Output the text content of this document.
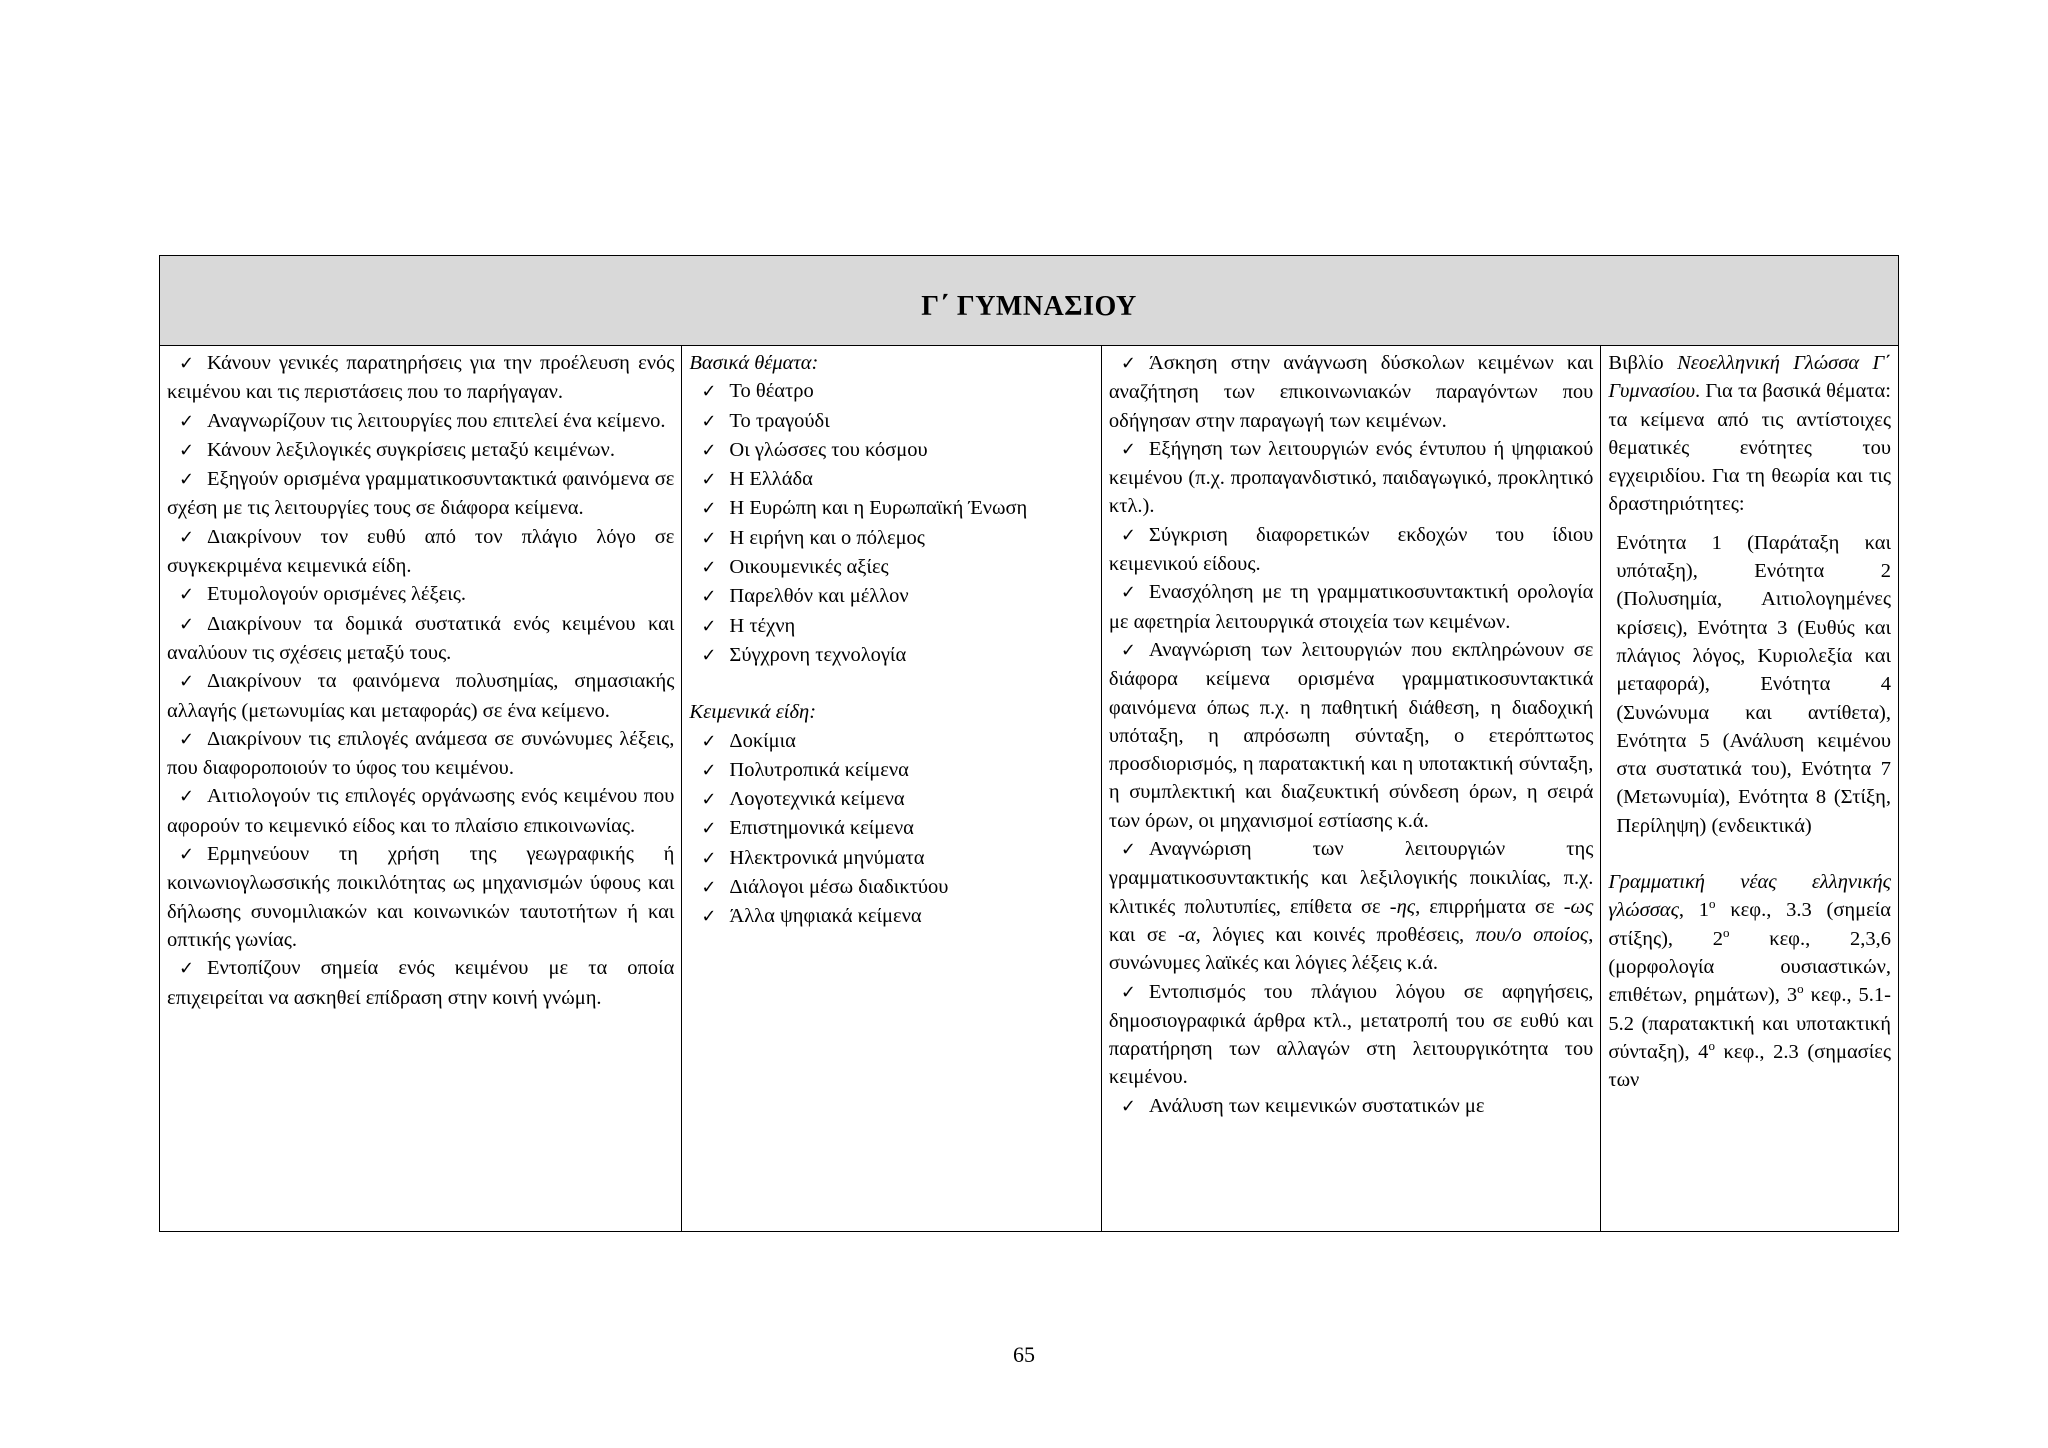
Γ΄ ΓΥΜΝΑΣΙΟΥ
✓ Κάνουν γενικές παρατηρήσεις για την προέλευση ενός κειμένου και τις περιστάσεις που το παρήγαγαν.
✓ Αναγνωρίζουν τις λειτουργίες που επιτελεί ένα κείμενο.
✓ Κάνουν λεξιλογικές συγκρίσεις μεταξύ κειμένων.
✓ Εξηγούν ορισμένα γραμματικοσυντακτικά φαινόμενα σε σχέση με τις λειτουργίες τους σε διάφορα κείμενα.
✓ Διακρίνουν τον ευθύ από τον πλάγιο λόγο σε συγκεκριμένα κειμενικά είδη.
✓ Ετυμολογούν ορισμένες λέξεις.
✓ Διακρίνουν τα δομικά συστατικά ενός κειμένου και αναλύουν τις σχέσεις μεταξύ τους.
✓ Διακρίνουν τα φαινόμενα πολυσημίας, σημασιακής αλλαγής (μετωνυμίας και μεταφοράς) σε ένα κείμενο.
✓ Διακρίνουν τις επιλογές ανάμεσα σε συνώνυμες λέξεις, που διαφοροποιούν το ύφος του κειμένου.
✓ Αιτιολογούν τις επιλογές οργάνωσης ενός κειμένου που αφορούν το κειμενικό είδος και το πλαίσιο επικοινωνίας.
✓ Ερμηνεύουν τη χρήση της γεωγραφικής ή κοινωνιογλωσσικής ποικιλότητας ως μηχανισμών ύφους και δήλωσης συνομιλιακών και κοινωνικών ταυτοτήτων ή και οπτικής γωνίας.
✓ Εντοπίζουν σημεία ενός κειμένου με τα οποία επιχειρείται να ασκηθεί επίδραση στην κοινή γνώμη.
Βασικά θέματα:
✓ Το θέατρο
✓ Το τραγούδι
✓ Οι γλώσσες του κόσμου
✓ Η Ελλάδα
✓ Η Ευρώπη και η Ευρωπαϊκή Ένωση
✓ Η ειρήνη και ο πόλεμος
✓ Οικουμενικές αξίες
✓ Παρελθόν και μέλλον
✓ Η τέχνη
✓ Σύγχρονη τεχνολογία
Κειμενικά είδη:
✓ Δοκίμια
✓ Πολυτροπικά κείμενα
✓ Λογοτεχνικά κείμενα
✓ Επιστημονικά κείμενα
✓ Ηλεκτρονικά μηνύματα
✓ Διάλογοι μέσω διαδικτύου
✓ Άλλα ψηφιακά κείμενα
✓ Άσκηση στην ανάγνωση δύσκολων κειμένων και αναζήτηση των επικοινωνιακών παραγόντων που οδήγησαν στην παραγωγή των κειμένων.
✓ Εξήγηση των λειτουργιών ενός έντυπου ή ψηφιακού κειμένου (π.χ. προπαγανδιστικό, παιδαγωγικό, προκλητικό κτλ.).
✓ Σύγκριση διαφορετικών εκδοχών του ίδιου κειμενικού είδους.
✓ Ενασχόληση με τη γραμματικοσυντακτική ορολογία με αφετηρία λειτουργικά στοιχεία των κειμένων.
✓ Αναγνώριση των λειτουργιών που εκπληρώνουν σε διάφορα κείμενα ορισμένα γραμματικοσυντακτικά φαινόμενα όπως π.χ. η παθητική διάθεση, η διαδοχική υπόταξη, η απρόσωπη σύνταξη, ο ετερόπτωτος προσδιορισμός, η παρατακτική και η υποτακτική σύνταξη, η συμπλεκτική και διαζευκτική σύνδεση όρων, η σειρά των όρων, οι μηχανισμοί εστίασης κ.ά.
✓ Αναγνώριση των λειτουργιών της γραμματικοσυντακτικής και λεξιλογικής ποικιλίας, π.χ. κλιτικές πολυτυπίες, επίθετα σε -ης, επιρρήματα σε -ως και σε -α, λόγιες και κοινές προθέσεις, που/ο οποίος, συνώνυμες λαϊκές και λόγιες λέξεις κ.ά.
✓ Εντοπισμός του πλάγιου λόγου σε αφηγήσεις, δημοσιογραφικά άρθρα κτλ., μετατροπή του σε ευθύ και παρατήρηση των αλλαγών στη λειτουργικότητα του κειμένου.
✓ Ανάλυση των κειμενικών συστατικών με
Βιβλίο Νεοελληνική Γλώσσα Γ΄ Γυμνασίου. Για τα βασικά θέματα: τα κείμενα από τις αντίστοιχες θεματικές ενότητες του εγχειριδίου. Για τη θεωρία και τις δραστηριότητες:
Ενότητα 1 (Παράταξη και υπόταξη), Ενότητα 2 (Πολυσημία, Αιτιολογημένες κρίσεις), Ενότητα 3 (Ευθύς και πλάγιος λόγος, Κυριολεξία και μεταφορά), Ενότητα 4 (Συνώνυμα και αντίθετα), Ενότητα 5 (Ανάλυση κειμένου στα συστατικά του), Ενότητα 7 (Μετωνυμία), Ενότητα 8 (Στίξη, Περίληψη) (ενδεικτικά)
Γραμματική νέας ελληνικής γλώσσας, $1^o$ κεφ., 3.3 (σημεία στίξης), $2^o$ κεφ., 2,3,6 (μορφολογία ουσιαστικών, επιθέτων, ρημάτων), $3^o$ κεφ., 5.1-5.2 (παρατακτική και υποτακτική σύνταξη), $4^o$ κεφ., 2.3 (σημασίες των
65
